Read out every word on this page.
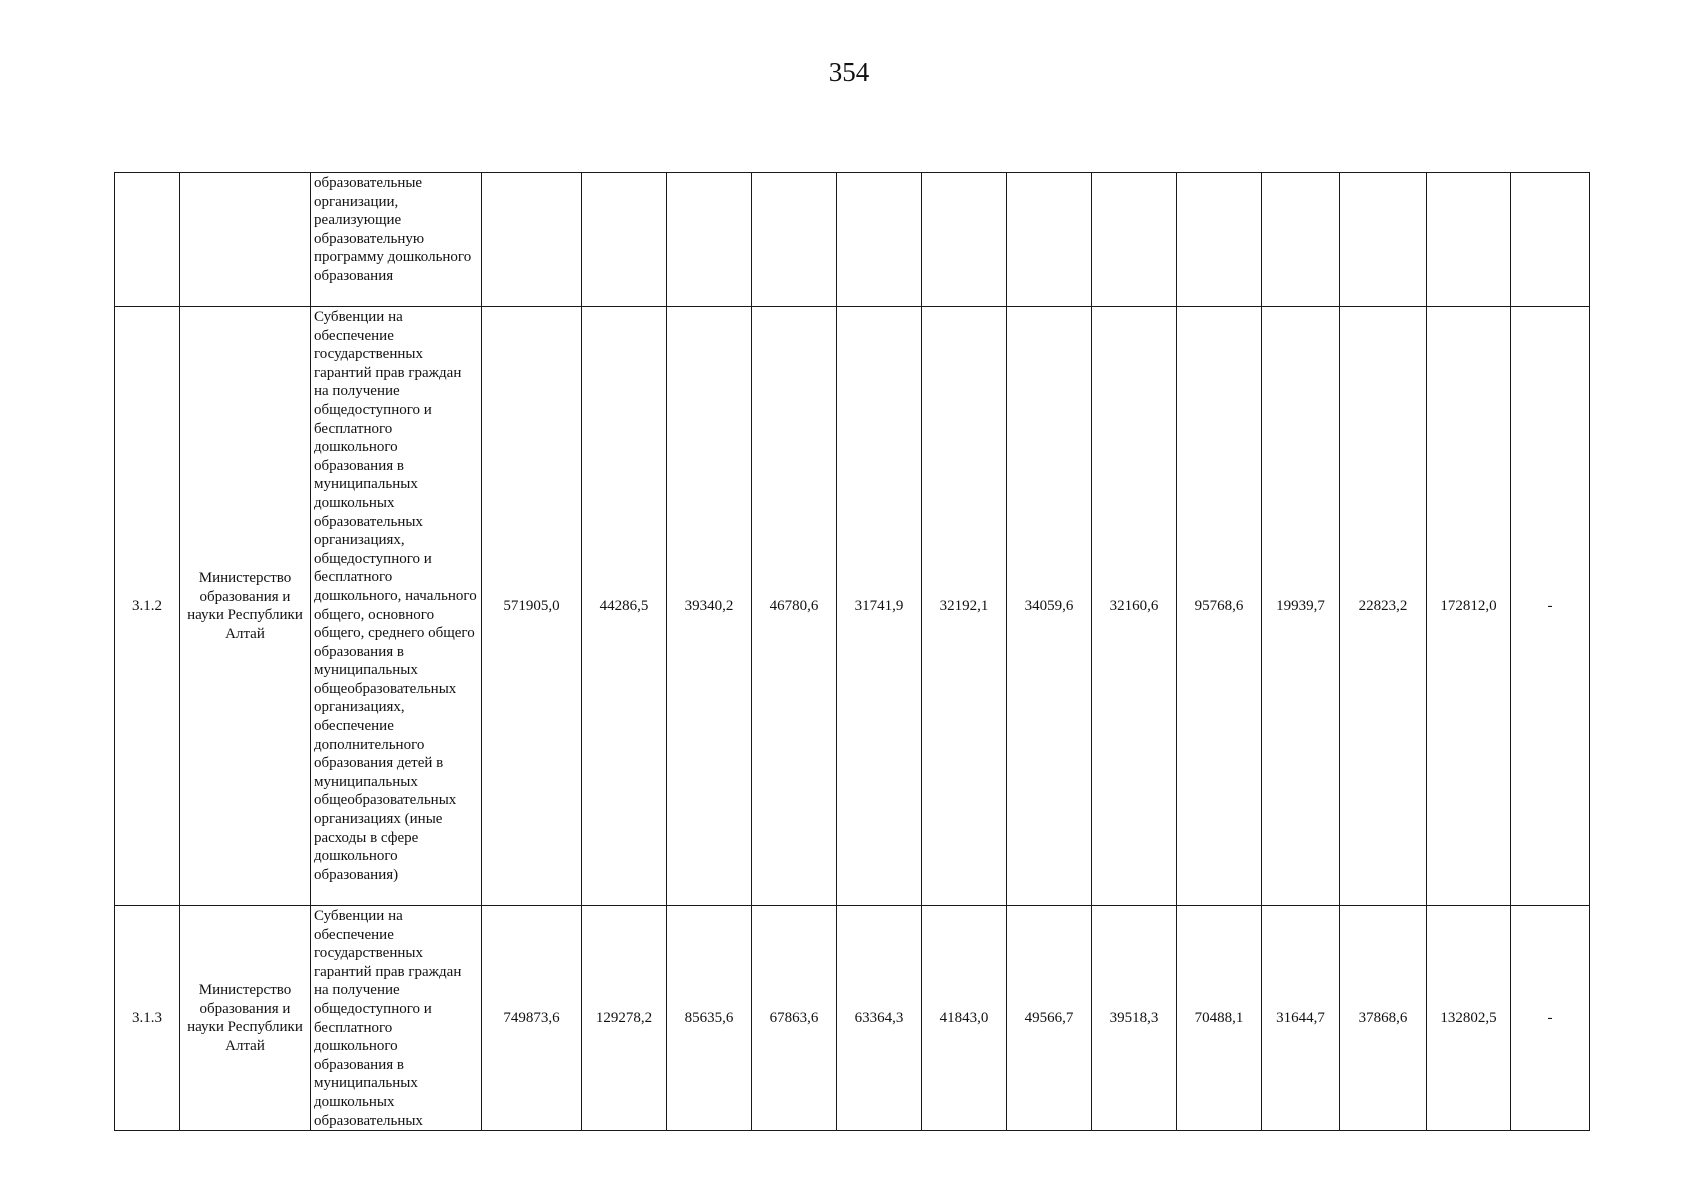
354
		образовательные организации, реализующие образовательную программу дошкольного образования													
3.1.2	Министерство образования и науки Республики Алтай	Субвенции на обеспечение государственных гарантий прав граждан на получение общедоступного и бесплатного дошкольного образования в муниципальных дошкольных образовательных организациях, общедоступного и бесплатного дошкольного, начального общего, основного общего, среднего общего образования в муниципальных общеобразовательных организациях, обеспечение дополнительного образования детей в муниципальных общеобразовательных организациях (иные расходы в сфере дошкольного образования)	571905,0	44286,5	39340,2	46780,6	31741,9	32192,1	34059,6	32160,6	95768,6	19939,7	22823,2	172812,0	-
3.1.3	Министерство образования и науки Республики Алтай	Субвенции на обеспечение государственных гарантий прав граждан на получение общедоступного и бесплатного дошкольного образования в муниципальных дошкольных образовательных	749873,6	129278,2	85635,6	67863,6	63364,3	41843,0	49566,7	39518,3	70488,1	31644,7	37868,6	132802,5	-
